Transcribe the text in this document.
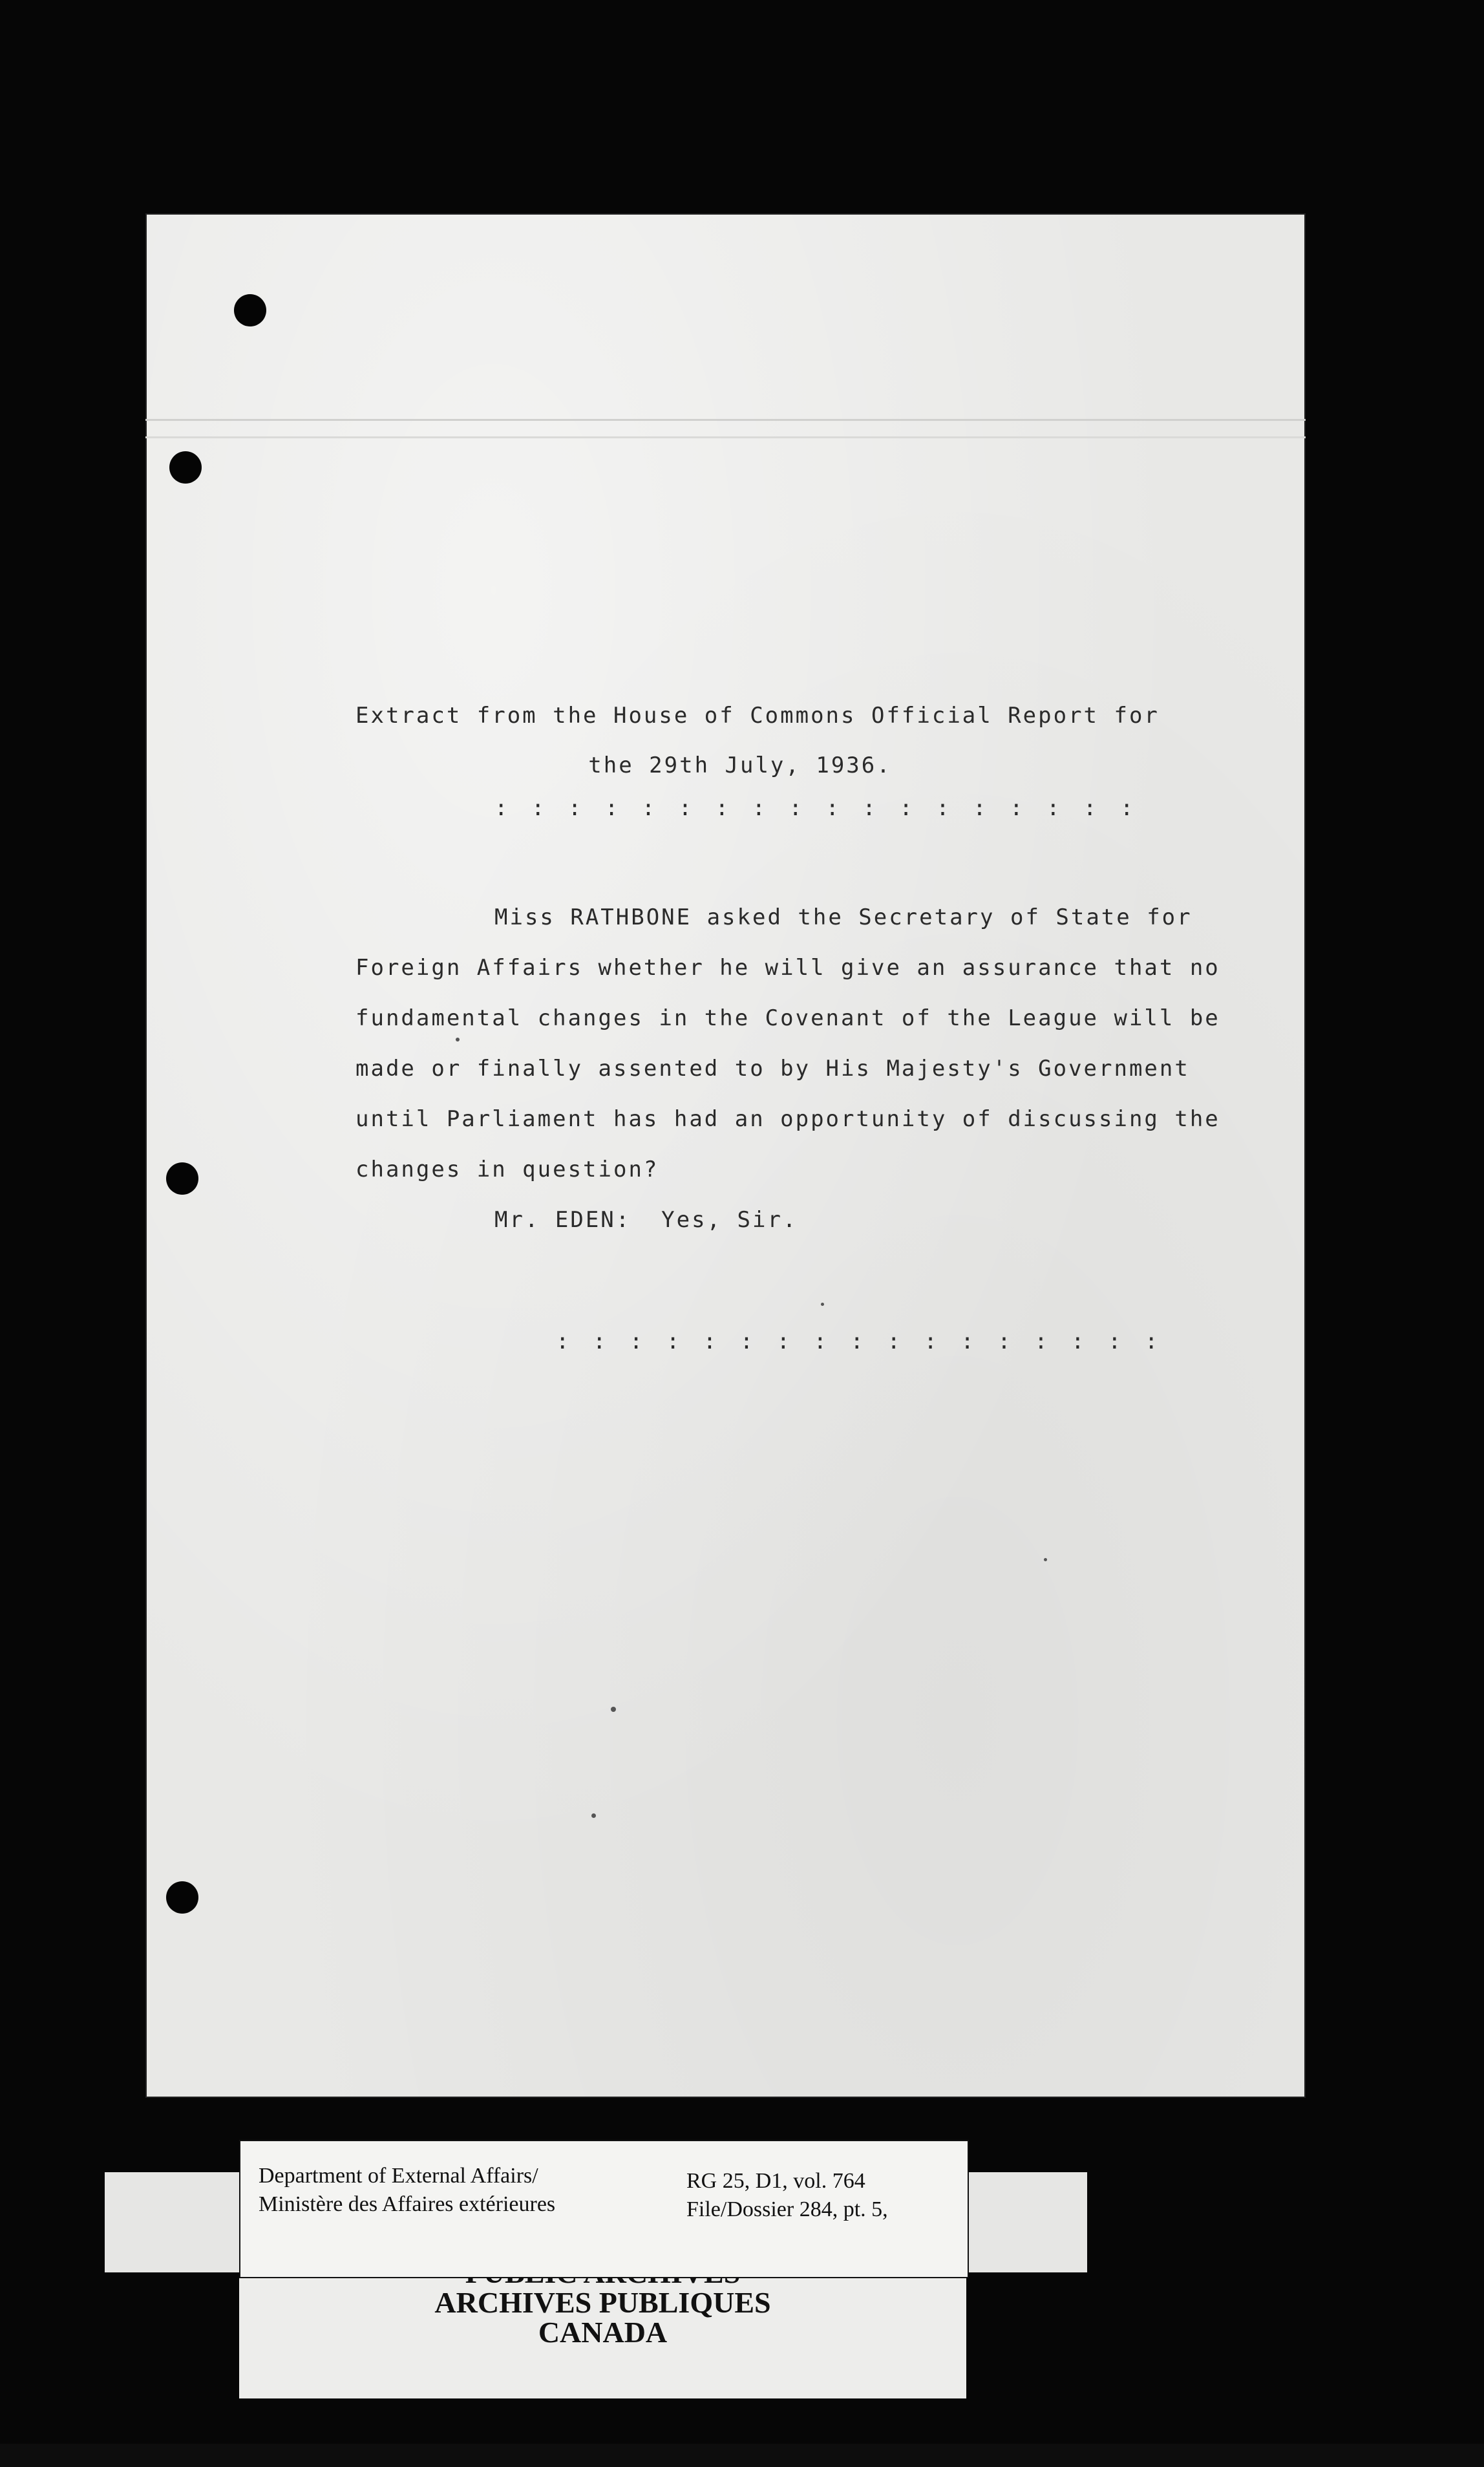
Extract from the House of Commons Official Report for
the 29th July, 1936.
: : : : : : : : : : : : : : : : : :
Miss RATHBONE asked the Secretary of State for
Foreign Affairs whether he will give an assurance that no
fundamental changes in the Covenant of the League will be
made or finally assented to by His Majesty's Government
until Parliament has had an opportunity of discussing the
changes in question?
Mr. EDEN:  Yes, Sir.
: : : : : : : : : : : : : : : : :
ARCHIVES PUBLIQUES
CANADA
Department of External Affairs/
Ministère des Affaires extérieures
RG 25, D1, vol. 764
File/Dossier 284, pt. 5,
